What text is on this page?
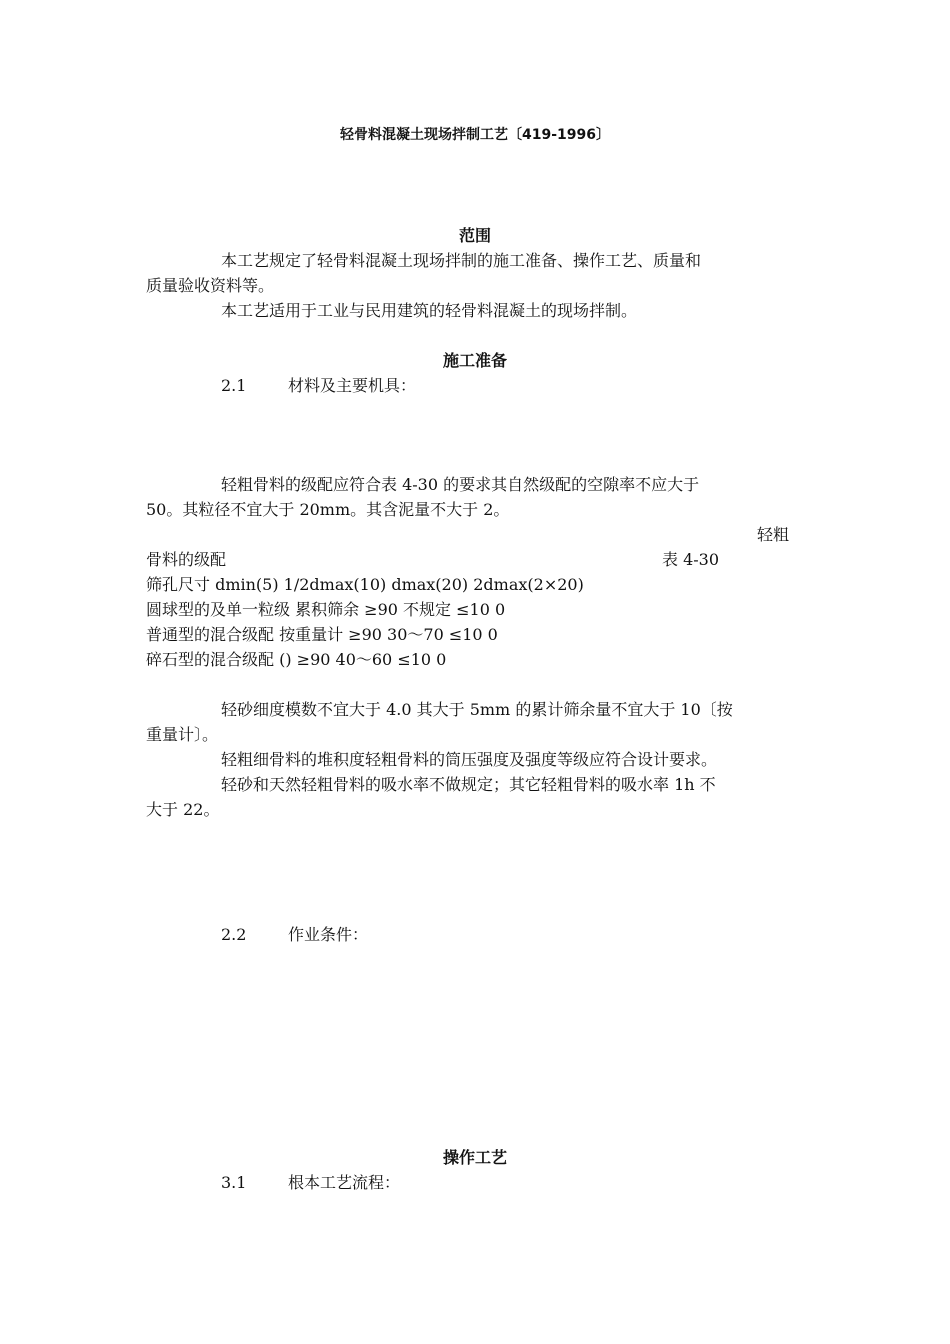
轻骨料混凝土现场拌制工艺〔419-1996〕
范围
本工艺规定了轻骨料混凝土现场拌制的施工准备、操作工艺、质量和
质量验收资料等。
本工艺适用于工业与民用建筑的轻骨料混凝土的现场拌制。
施工准备
2.1	材料及主要机具：
轻粗骨料的级配应符合表 4-30 的要求其自然级配的空隙率不应大于
50。其粒径不宜大于 20mm。其含泥量不大于 2。
轻粗
骨料的级配	表 4-30
筛孔尺寸 dmin(5) 1/2dmax(10) dmax(20) 2dmax(2×20)
圆球型的及单一粒级 累积筛余 ≥90 不规定 ≤10 0
普通型的混合级配 按重量计 ≥90 30～70 ≤10 0
碎石型的混合级配 () ≥90 40～60 ≤10 0
轻砂细度模数不宜大于 4.0 其大于 5mm 的累计筛余量不宜大于 10〔按
重量计〕。
轻粗细骨料的堆积度轻粗骨料的筒压强度及强度等级应符合设计要求。
轻砂和天然轻粗骨料的吸水率不做规定；其它轻粗骨料的吸水率 1h 不
大于 22。
2.2	作业条件：
操作工艺
3.1	根本工艺流程：
